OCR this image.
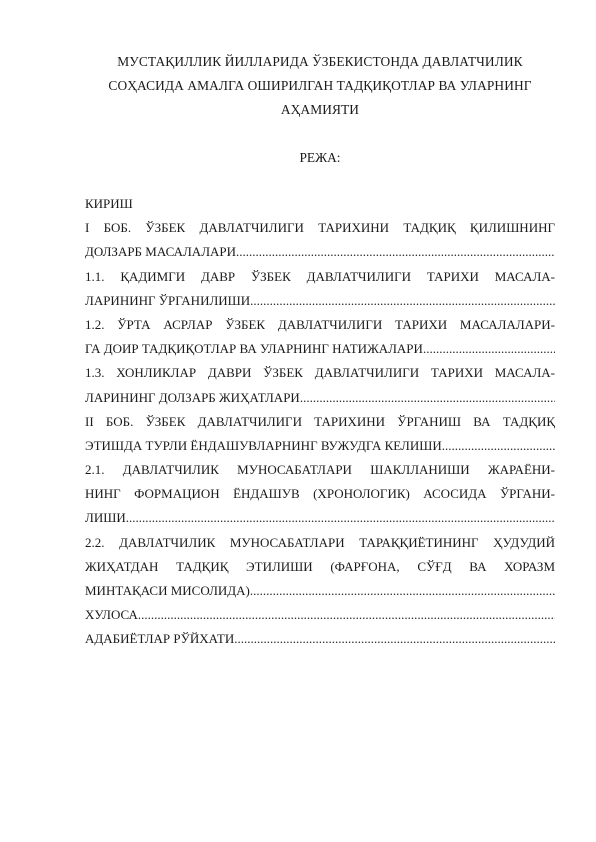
МУСТАҚИЛЛИК ЙИЛЛАРИДА ЎЗБЕКИСТОНДА ДАВЛАТЧИЛИК
СОҲАСИДА АМАЛГА ОШИРИЛГАН ТАДҚИҚОТЛАР ВА УЛАРНИНГ
АҲАМИЯТИ
РЕЖА:
КИРИШ
I БОБ. ЎЗБЕК ДАВЛАТЧИЛИГИ ТАРИХИНИ ТАДҚИҚ ҚИЛИШНИНГ
ДОЛЗАРБ МАСАЛАЛАРИ
.....
1.1. ҚАДИМГИ ДАВР ЎЗБЕК ДАВЛАТЧИЛИГИ ТАРИХИ МАСАЛА-
ЛАРИНИНГ ЎРГАНИЛИШИ
.....
1.2. ЎРТА АСРЛАР ЎЗБЕК ДАВЛАТЧИЛИГИ ТАРИХИ МАСАЛАЛАРИ-
ГА ДОИР ТАДҚИҚОТЛАР ВА УЛАРНИНГ НАТИЖАЛАРИ
.....
1.3. ХОНЛИКЛАР ДАВРИ ЎЗБЕК ДАВЛАТЧИЛИГИ ТАРИХИ МАСАЛА-
ЛАРИНИНГ ДОЛЗАРБ ЖИҲАТЛАРИ
.....
II БОБ. ЎЗБЕК ДАВЛАТЧИЛИГИ ТАРИХИНИ ЎРГАНИШ ВА ТАДҚИҚ
ЭТИШДА ТУРЛИ ЁНДАШУВЛАРНИНГ ВУЖУДГА КЕЛИШИ
.....
2.1. ДАВЛАТЧИЛИК МУНОСАБАТЛАРИ ШАКЛЛАНИШИ ЖАРАЁНИ-
НИНГ ФОРМАЦИОН ЁНДАШУВ (ХРОНОЛОГИК) АСОСИДА ЎРГАНИ-
ЛИШИ
.....
2.2. ДАВЛАТЧИЛИК МУНОСАБАТЛАРИ ТАРАҚҚИЁТИНИНГ ҲУДУДИЙ
ЖИҲАТДАН ТАДҚИҚ ЭТИЛИШИ (ФАРҒОНА, СЎҒД ВА ХОРАЗМ
МИНТАҚАСИ МИСОЛИДА)
.....
ХУЛОСА
.....
АДАБИЁТЛАР РЎЙХАТИ
.....
